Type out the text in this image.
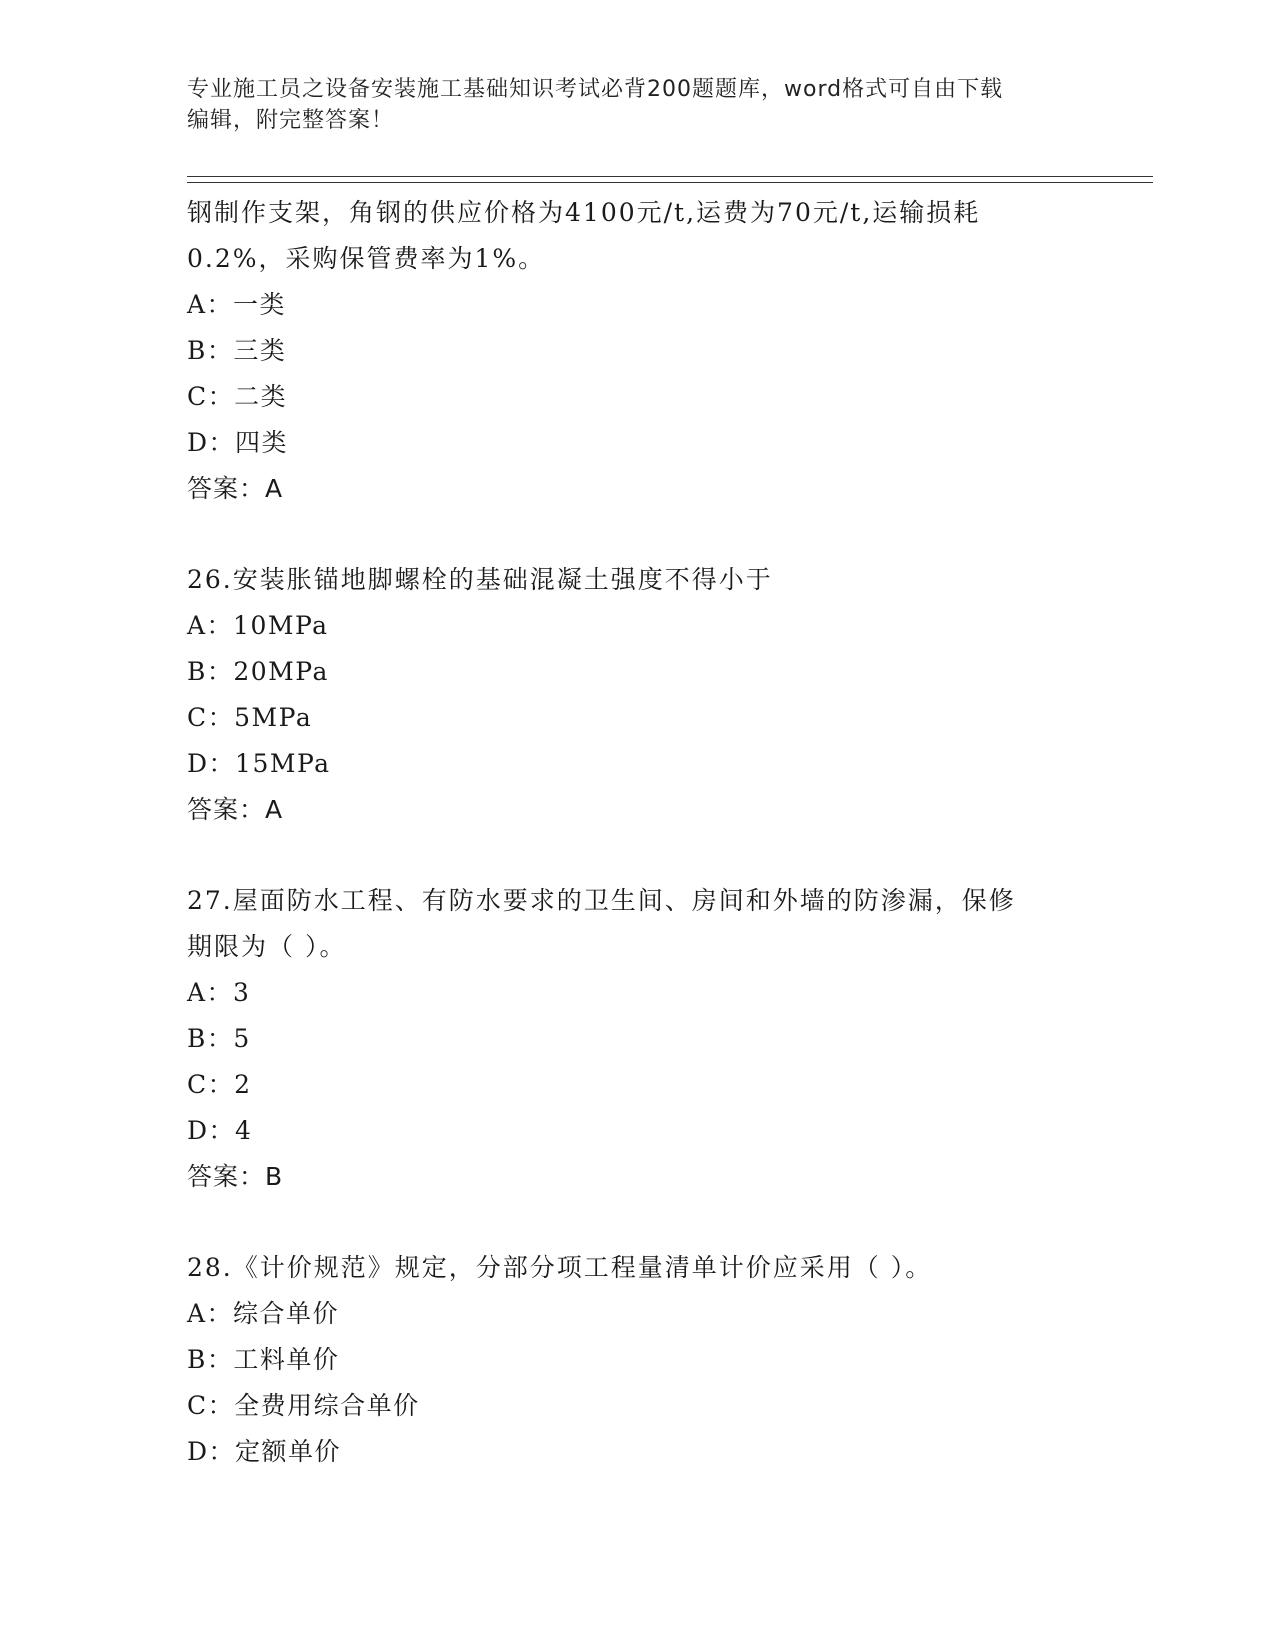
专业施工员之设备安装施工基础知识考试必背200题题库，word格式可自由下载
编辑，附完整答案！
钢制作支架，角钢的供应价格为4100元/t,运费为70元/t,运输损耗
0.2%，采购保管费率为1%。
A：一类
B：三类
C：二类
D：四类
答案：A
26.安装胀锚地脚螺栓的基础混凝土强度不得小于
A：10MPa
B：20MPa
C：5MPa
D：15MPa
答案：A
27.屋面防水工程、有防水要求的卫生间、房间和外墙的防渗漏，保修
期限为（ ）。
A：3
B：5
C：2
D：4
答案：B
28.《计价规范》规定，分部分项工程量清单计价应采用（ ）。
A：综合单价
B：工料单价
C：全费用综合单价
D：定额单价
